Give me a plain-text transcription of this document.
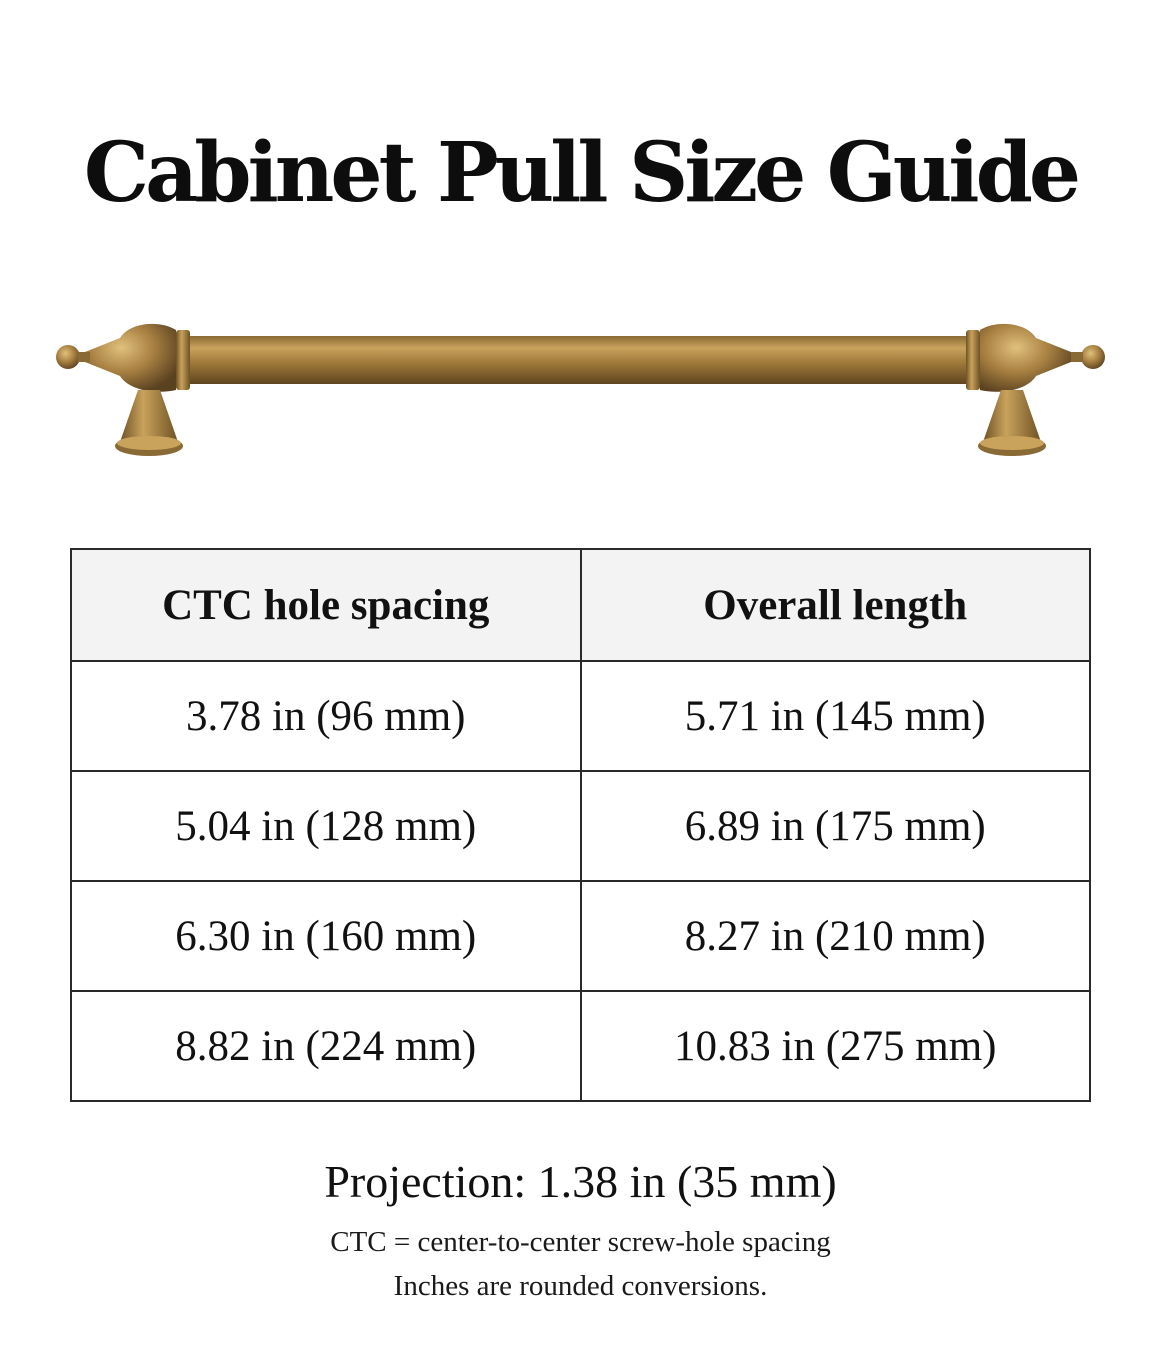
Cabinet Pull Size Guide
CTC hole spacing	Overall length
3.78 in (96 mm)	5.71 in (145 mm)
5.04 in (128 mm)	6.89 in (175 mm)
6.30 in (160 mm)	8.27 in (210 mm)
8.82 in (224 mm)	10.83 in (275 mm)
Projection: 1.38 in (35 mm)
CTC = center-to-center screw-hole spacing
Inches are rounded conversions.
